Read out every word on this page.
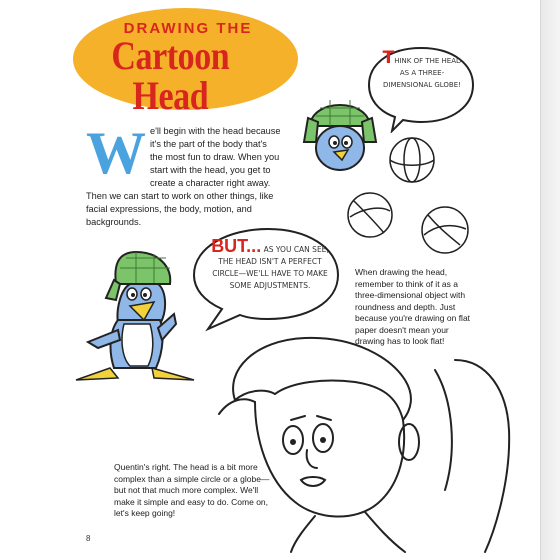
DRAWING THE
Cartoon Head
THINK OF THE HEAD AS A THREE-DIMENSIONAL GLOBE!
We'll begin with the head because it's the part of the body that's the most fun to draw. When you start with the head, you get to create a character right away. Then we can start to work on other things, like facial expressions, the body, motion, and backgrounds.
BUT... AS YOU CAN SEE, THE HEAD ISN'T A PERFECT CIRCLE—WE'LL HAVE TO MAKE SOME ADJUSTMENTS.
When drawing the head, remember to think of it as a three-dimensional object with roundness and depth. Just because you're drawing on flat paper doesn't mean your drawing has to look flat!
Quentin's right. The head is a bit more complex than a simple circle or a globe—but not that much more complex. We'll make it simple and easy to do. Come on, let's keep going!
8
